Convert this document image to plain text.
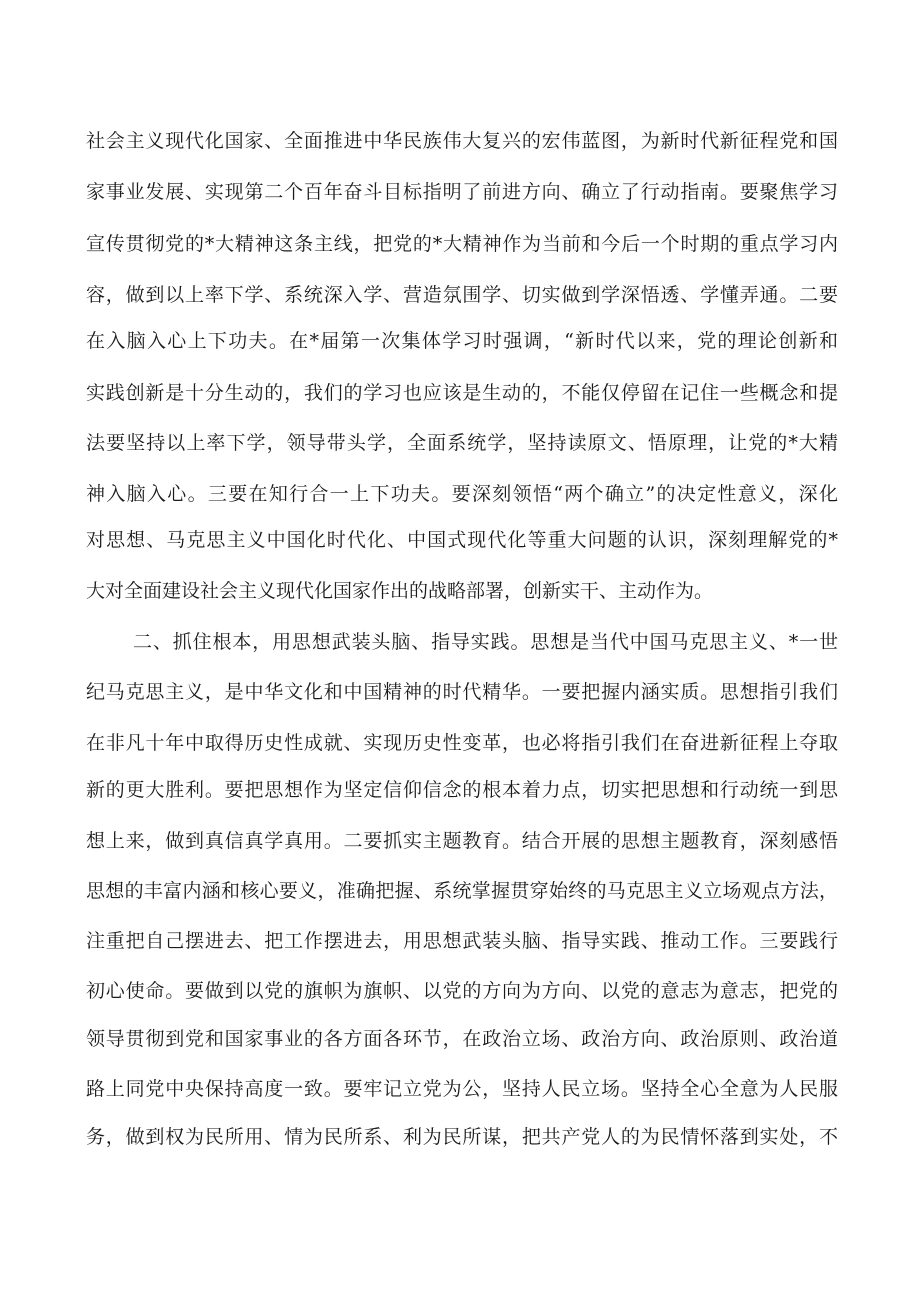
社会主义现代化国家、全面推进中华民族伟大复兴的宏伟蓝图，为新时代新征程党和国
家事业发展、实现第二个百年奋斗目标指明了前进方向、确立了行动指南。要聚焦学习
宣传贯彻党的*大精神这条主线，把党的*大精神作为当前和今后一个时期的重点学习内
容，做到以上率下学、系统深入学、营造氛围学、切实做到学深悟透、学懂弄通。二要
在入脑入心上下功夫。在*届第一次集体学习时强调，“新时代以来，党的理论创新和
实践创新是十分生动的，我们的学习也应该是生动的，不能仅停留在记住一些概念和提
法要坚持以上率下学，领导带头学，全面系统学，坚持读原文、悟原理，让党的*大精
神入脑入心。三要在知行合一上下功夫。要深刻领悟“两个确立”的决定性意义，深化
对思想、马克思主义中国化时代化、中国式现代化等重大问题的认识，深刻理解党的*
大对全面建设社会主义现代化国家作出的战略部署，创新实干、主动作为。
二、抓住根本，用思想武装头脑、指导实践。思想是当代中国马克思主义、*一世
纪马克思主义，是中华文化和中国精神的时代精华。一要把握内涵实质。思想指引我们
在非凡十年中取得历史性成就、实现历史性变革，也必将指引我们在奋进新征程上夺取
新的更大胜利。要把思想作为坚定信仰信念的根本着力点，切实把思想和行动统一到思
想上来，做到真信真学真用。二要抓实主题教育。结合开展的思想主题教育，深刻感悟
思想的丰富内涵和核心要义，准确把握、系统掌握贯穿始终的马克思主义立场观点方法，
注重把自己摆进去、把工作摆进去，用思想武装头脑、指导实践、推动工作。三要践行
初心使命。要做到以党的旗帜为旗帜、以党的方向为方向、以党的意志为意志，把党的
领导贯彻到党和国家事业的各方面各环节，在政治立场、政治方向、政治原则、政治道
路上同党中央保持高度一致。要牢记立党为公，坚持人民立场。坚持全心全意为人民服
务，做到权为民所用、情为民所系、利为民所谋，把共产党人的为民情怀落到实处，不
